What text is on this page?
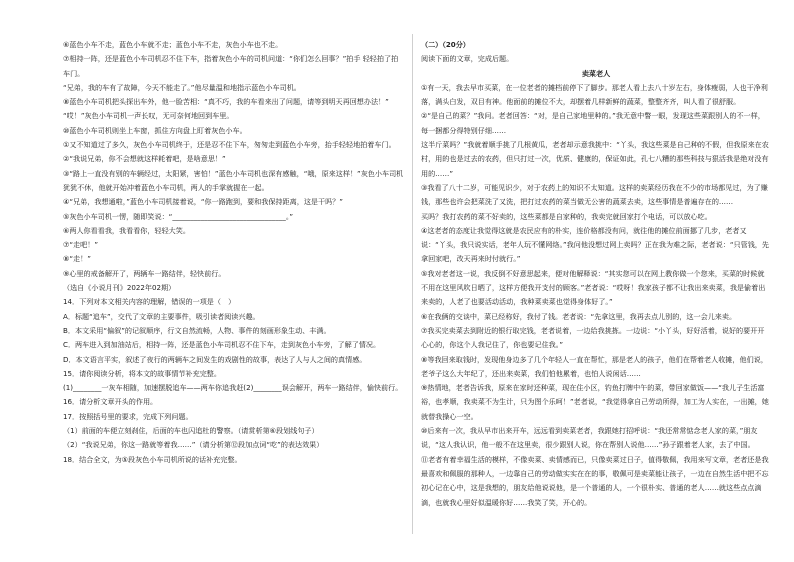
⑥蓝色小车不走，蓝色小车就不走；蓝色小车不走，灰色小车也不走。

⑦相持一阵，还是蓝色小车司机忍不住下车，指着灰色小车的司机问道：“你们怎么回事？”拍手 轻轻拍了拍车门。

“兄弟，我的车有了故障，今天不能走了。”他尽量温和地指示蓝色小车司机。

⑧蓝色小车司机把头探出车外，他一脸苦相：“真不巧，我的车看来出了问题，请等到明天再回想办法！”

“哎！”灰色小车司机一声长叹，无可奈何地回到车里。

⑩蓝色小车司机则坐上车窗，抓住方向盘上盯着灰色小车。

①又不知道过了多久，灰色小车司机终于，还是忍不住下车，匆匆走到蓝色小车旁，抬手轻轻地拍着车门。

②“我说兄弟，你不会想就这样耗着吧，是啥意思！”

③“路上一直没有别的车辆经过，太阳紧，害怕！”蓝色小车司机也深有感触，“哦，原来这样！”灰色小车司机犹犹不休，他就开始冲着蓝色小车司机，两人的手掌就握在一起。

④“兄弟，我想通啦，”蓝色小车司机接着说，“你一路跑到，要和我保持距离，这是干吗？”

⑤灰色小车司机一愣，随即笑说：“________________________________。”

⑥两人你看看我，我看看你，轻轻大笑。

⑦“走吧！”

⑧“走！”

⑨心里的戒备解开了，两辆车一路结伴，轻快前行。

（选自《小说月刊》2022年02期）

14．下列对本文相关内容的理解，错误的一项是（　）

A．标题“追车”，交代了文章的主要事件，吸引读者阅读兴趣。

B．本文采用“偏叙”的记叙顺序，行文自然流畅，人物、事件的刻画形象生动、丰满。

C．两车进入到加油站后，相持一阵，还是蓝色小车司机忍不住下车，走到灰色小车旁，了解了情况。

D．本文语言平实，叙述了夜行的两辆车之间发生的戏剧性的故事，表达了人与人之间的真情感。

15．请你阅读分析，将本文的故事情节补充完整。

(1)________一灰车相随，加速摆脱追车——两车你追我赶(2)________误会解开，两车一路结伴，愉快前行。

16．请分析文章开头的作用。

17．按照括号里的要求，完成下列问题。

（1）前面的车便立刻刹住，后面的车也闪追杜的警察。（请赏析第⑥段划线句子）

（2）“我说兄弟，你这一路就等着我……”（请分析第⑫段加点词“吃”的表达效果）

18．结合全文，为⑤段灰色小车司机所说的话补充完整。

（二）（20分）

阅读下面的文章，完成后题。

卖菜老人

①有一天，我去早市买菜，在一位老者的摊档前停下了脚步。那老人看上去八十岁左右，身体瘦弱，人也干净利落，满头白发，双目有神。他面前的摊位不大，却摆着几样新鲜的蔬菜，整整齐齐，叫人看了很舒服。

②“是自己的菜？”我问。老者回答：“对，是自己家地里种的。”我无意中瞥一眼，发现这些菜跟别人的不一样，每一捆都分得特别仔细……

这半斤菜吗？”我就着顺手挑了几根黄瓜，老者却示意我挑中：“丫头，我这些菜是自己种的不假，但我原来在农村，用的也是过去的农药，但只打过一次，优质、健康的，保证如此，孔七八糟的那些科技与狠活我是绝对没有用的……”

③我看了八十二岁，可能见识少，对于农药上的知识不太知道。这样的卖菜经历我在不少的市场都见过，为了赚钱，那些也许会把菜洗了又洗，把打过农药的菜当做无公害的蔬菜去卖，这些事情是普遍存在的……

买吗？我打农药的菜不好卖的，这些菜都是自家种的，我卖完就回家打个电话，可以放心吃。

④这老者的态度让我觉得这就是农民应有的朴实，连价格都没有问，就往他的摊位前面挪了几步，老者又说：“丫头，我只说实话，老年人玩不懂网络。”我问他没想过网上卖吗？正在我为难之际，老者说：“只管钱，先拿回家吧，改天再来时付就行。”

⑤我对老者这一说，我反倒不好意思起来，便对他解释说：“其实您可以在网上教你做一个您来，买菜的时候就不用在这里风吹日晒了，这样方便我开支付的顾客。”老者说：“哎呀！我家孩子都不让我出来卖菜，我是偷着出来卖的，人老了也要活动活动，我种菜卖菜也觉得身体好了。”

⑥在我俩的交谈中，菜已经称好，我付了钱。老者说：“先拿这里，我再去点儿别的，这一会儿来卖。

⑦我买完卖菜去到附近的银行取完钱，老者说着，一边给我挑拣。一边说：“小丫头，好好活着，说好的要开开心心的，你这个人我记住了，你也要记住我。”

⑧等我回来取钱时，发现他身边多了几个年轻人一直在帮忙，那是老人的孩子，他们在帮着老人收摊，他们说，老爷子这么大年纪了，还出来卖菜，我们怕他累着，也怕人说闲话……

⑨热情地，老者告诉我，原来在家时还种菜，现在住小区，钓鱼打牌中午的菜，带回家做饭——“我儿子生活富裕，也孝顺，我卖菜不为生计，只为图个乐呵！”老者说，“我觉得拿自己劳动所得，加工为人实在，一出摊，她就替我操心一空。

⑩后来有一次，我从早市出来开车，远远看到卖菜老者，我跟她打招呼说：“我还常常惦念老人家的菜，”朋友说，“这人我认识，他一般不在这里卖，很少跟别人说，你在帮别人说他……”孙子跟着老人家，去了中国。

⑪老者有着幸福生活的模样，不像卖菜、卖情感而已，只像卖菜过日子，值得敬佩，我用来写文章，老者还是我最喜欢和佩服的那种人，一边靠自己的劳动做实实在在的事，敬佩可是卖菜能让孩子，一边在自然生活中把不忘初心记在心中，这是我想的，朋友给他说说他，是一个普通的人，一个很朴实、普通的老人……就这些点点滴滴，也就我心里好似温暖你好……我笑了笑，开心的。
